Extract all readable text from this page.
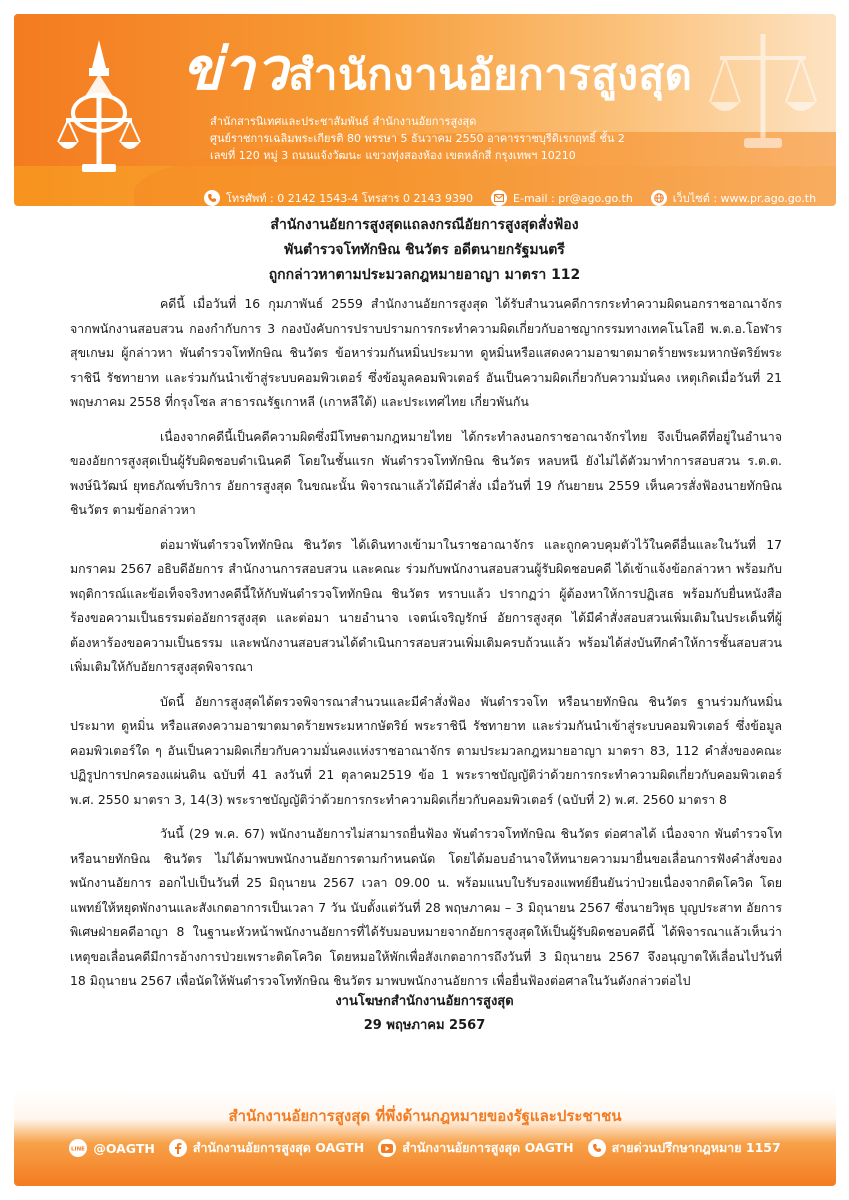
ข่าวสำนักงานอัยการสูงสุด
สำนักสารนิเทศและประชาสัมพันธ์ สำนักงานอัยการสูงสุด
ศูนย์ราชการเฉลิมพระเกียรติ 80 พรรษา 5 ธันวาคม 2550 อาคารราชบุรีดิเรกฤทธิ์ ชั้น 2
เลขที่ 120 หมู่ 3 ถนนแจ้งวัฒนะ แขวงทุ่งสองห้อง เขตหลักสี่ กรุงเทพฯ 10210
โทรศัพท์ : 0 2142 1543-4 โทรสาร 0 2143 9390	E-mail : pr@ago.go.th	เว็บไซต์ : www.pr.ago.go.th
สำนักงานอัยการสูงสุดแถลงกรณีอัยการสูงสุดสั่งฟ้อง
พันตำรวจโททักษิณ ชินวัตร อดีตนายกรัฐมนตรี
ถูกกล่าวหาตามประมวลกฎหมายอาญา มาตรา 112

คดีนี้ เมื่อวันที่ 16 กุมภาพันธ์ 2559 สำนักงานอัยการสูงสุด ได้รับสำนวนคดีการกระทำความผิดนอกราชอาณาจักร จากพนักงานสอบสวน กองกำกับการ 3 กองบังคับการปราบปรามการกระทำความผิดเกี่ยวกับอาชญากรรมทางเทคโนโลยี พ.ต.อ.โอฬาร สุขเกษม ผู้กล่าวหา พันตำรวจโททักษิณ ชินวัตร ข้อหาร่วมกันหมิ่นประมาท ดูหมิ่นหรือแสดงความอาฆาตมาดร้ายพระมหากษัตริย์พระราชินี รัชทายาท และร่วมกันนำเข้าสู่ระบบคอมพิวเตอร์ ซึ่งข้อมูลคอมพิวเตอร์ อันเป็นความผิดเกี่ยวกับความมั่นคง เหตุเกิดเมื่อวันที่ 21 พฤษภาคม 2558 ที่กรุงโซล สาธารณรัฐเกาหลี (เกาหลีใต้) และประเทศไทย เกี่ยวพันกัน

เนื่องจากคดีนี้เป็นคดีความผิดซึ่งมีโทษตามกฎหมายไทย ได้กระทำลงนอกราชอาณาจักรไทย จึงเป็นคดีที่อยู่ในอำนาจของอัยการสูงสุดเป็นผู้รับผิดชอบดำเนินคดี โดยในชั้นแรก พันตำรวจโททักษิณ ชินวัตร หลบหนี ยังไม่ได้ตัวมาทำการสอบสวน ร.ต.ต. พงษ์นิวัฒน์ ยุทธภัณฑ์บริการ อัยการสูงสุด ในขณะนั้น พิจารณาแล้วได้มีคำสั่ง เมื่อวันที่ 19 กันยายน 2559 เห็นควรสั่งฟ้องนายทักษิณ ชินวัตร ตามข้อกล่าวหา

ต่อมาพันตำรวจโททักษิณ ชินวัตร ได้เดินทางเข้ามาในราชอาณาจักร และถูกควบคุมตัวไว้ในคดีอื่นและในวันที่ 17 มกราคม 2567 อธิบดีอัยการ สำนักงานการสอบสวน และคณะ ร่วมกับพนักงานสอบสวนผู้รับผิดชอบคดี ได้เข้าแจ้งข้อกล่าวหา พร้อมกับพฤติการณ์และข้อเท็จจริงทางคดีนี้ให้กับพันตำรวจโททักษิณ ชินวัตร ทราบแล้ว ปรากฏว่า ผู้ต้องหาให้การปฏิเสธ พร้อมกับยื่นหนังสือร้องขอความเป็นธรรมต่ออัยการสูงสุด และต่อมา นายอำนาจ เจตน์เจริญรักษ์ อัยการสูงสุด ได้มีคำสั่งสอบสวนเพิ่มเติมในประเด็นที่ผู้ต้องหาร้องขอความเป็นธรรม และพนักงานสอบสวนได้ดำเนินการสอบสวนเพิ่มเติมครบถ้วนแล้ว พร้อมได้ส่งบันทึกคำให้การชั้นสอบสวนเพิ่มเติมให้กับอัยการสูงสุดพิจารณา

บัดนี้ อัยการสูงสุดได้ตรวจพิจารณาสำนวนและมีคำสั่งฟ้อง พันตำรวจโท หรือนายทักษิณ ชินวัตร ฐานร่วมกันหมิ่นประมาท ดูหมิ่น หรือแสดงความอาฆาตมาดร้ายพระมหากษัตริย์ พระราชินี รัชทายาท และร่วมกันนำเข้าสู่ระบบคอมพิวเตอร์ ซึ่งข้อมูลคอมพิวเตอร์ใด ๆ อันเป็นความผิดเกี่ยวกับความมั่นคงแห่งราชอาณาจักร ตามประมวลกฎหมายอาญา มาตรา 83, 112 คำสั่งของคณะปฏิรูปการปกครองแผ่นดิน ฉบับที่ 41 ลงวันที่ 21 ตุลาคม2519 ข้อ 1 พระราชบัญญัติว่าด้วยการกระทำความผิดเกี่ยวกับคอมพิวเตอร์ พ.ศ. 2550 มาตรา 3, 14(3) พระราชบัญญัติว่าด้วยการกระทำความผิดเกี่ยวกับคอมพิวเตอร์ (ฉบับที่ 2) พ.ศ. 2560 มาตรา 8

วันนี้ (29 พ.ค. 67) พนักงานอัยการไม่สามารถยื่นฟ้อง พันตำรวจโททักษิณ ชินวัตร ต่อศาลได้ เนื่องจาก พันตำรวจโทหรือนายทักษิณ ชินวัตร ไม่ได้มาพบพนักงานอัยการตามกำหนดนัด โดยได้มอบอำนาจให้ทนายความมายื่นขอเลื่อนการฟังคำสั่งของพนักงานอัยการ ออกไปเป็นวันที่ 25 มิถุนายน 2567 เวลา 09.00 น. พร้อมแนบใบรับรองแพทย์ยืนยันว่าป่วยเนื่องจากติดโควิด โดยแพทย์ให้หยุดพักงานและสังเกตอาการเป็นเวลา 7 วัน นับตั้งแต่วันที่ 28 พฤษภาคม – 3 มิถุนายน 2567 ซึ่งนายวิพุธ บุญประสาท อัยการพิเศษฝ่ายคดีอาญา 8 ในฐานะหัวหน้าพนักงานอัยการที่ได้รับมอบหมายจากอัยการสูงสุดให้เป็นผู้รับผิดชอบคดีนี้ ได้พิจารณาแล้วเห็นว่า เหตุขอเลื่อนคดีมีการอ้างการป่วยเพราะติดโควิด โดยหมอให้พักเพื่อสังเกตอาการถึงวันที่ 3 มิถุนายน 2567 จึงอนุญาตให้เลื่อนไปวันที่ 18 มิถุนายน 2567 เพื่อนัดให้พันตำรวจโททักษิณ ชินวัตร มาพบพนักงานอัยการ เพื่อยื่นฟ้องต่อศาลในวันดังกล่าวต่อไป

งานโฆษกสำนักงานอัยการสูงสุด
29 พฤษภาคม 2567
สำนักงานอัยการสูงสุด ที่พึ่งด้านกฎหมายของรัฐและประชาชน
LINE @OAGTH	สำนักงานอัยการสูงสุด OAGTH	สำนักงานอัยการสูงสุด OAGTH	สายด่วนปรึกษากฎหมาย 1157
